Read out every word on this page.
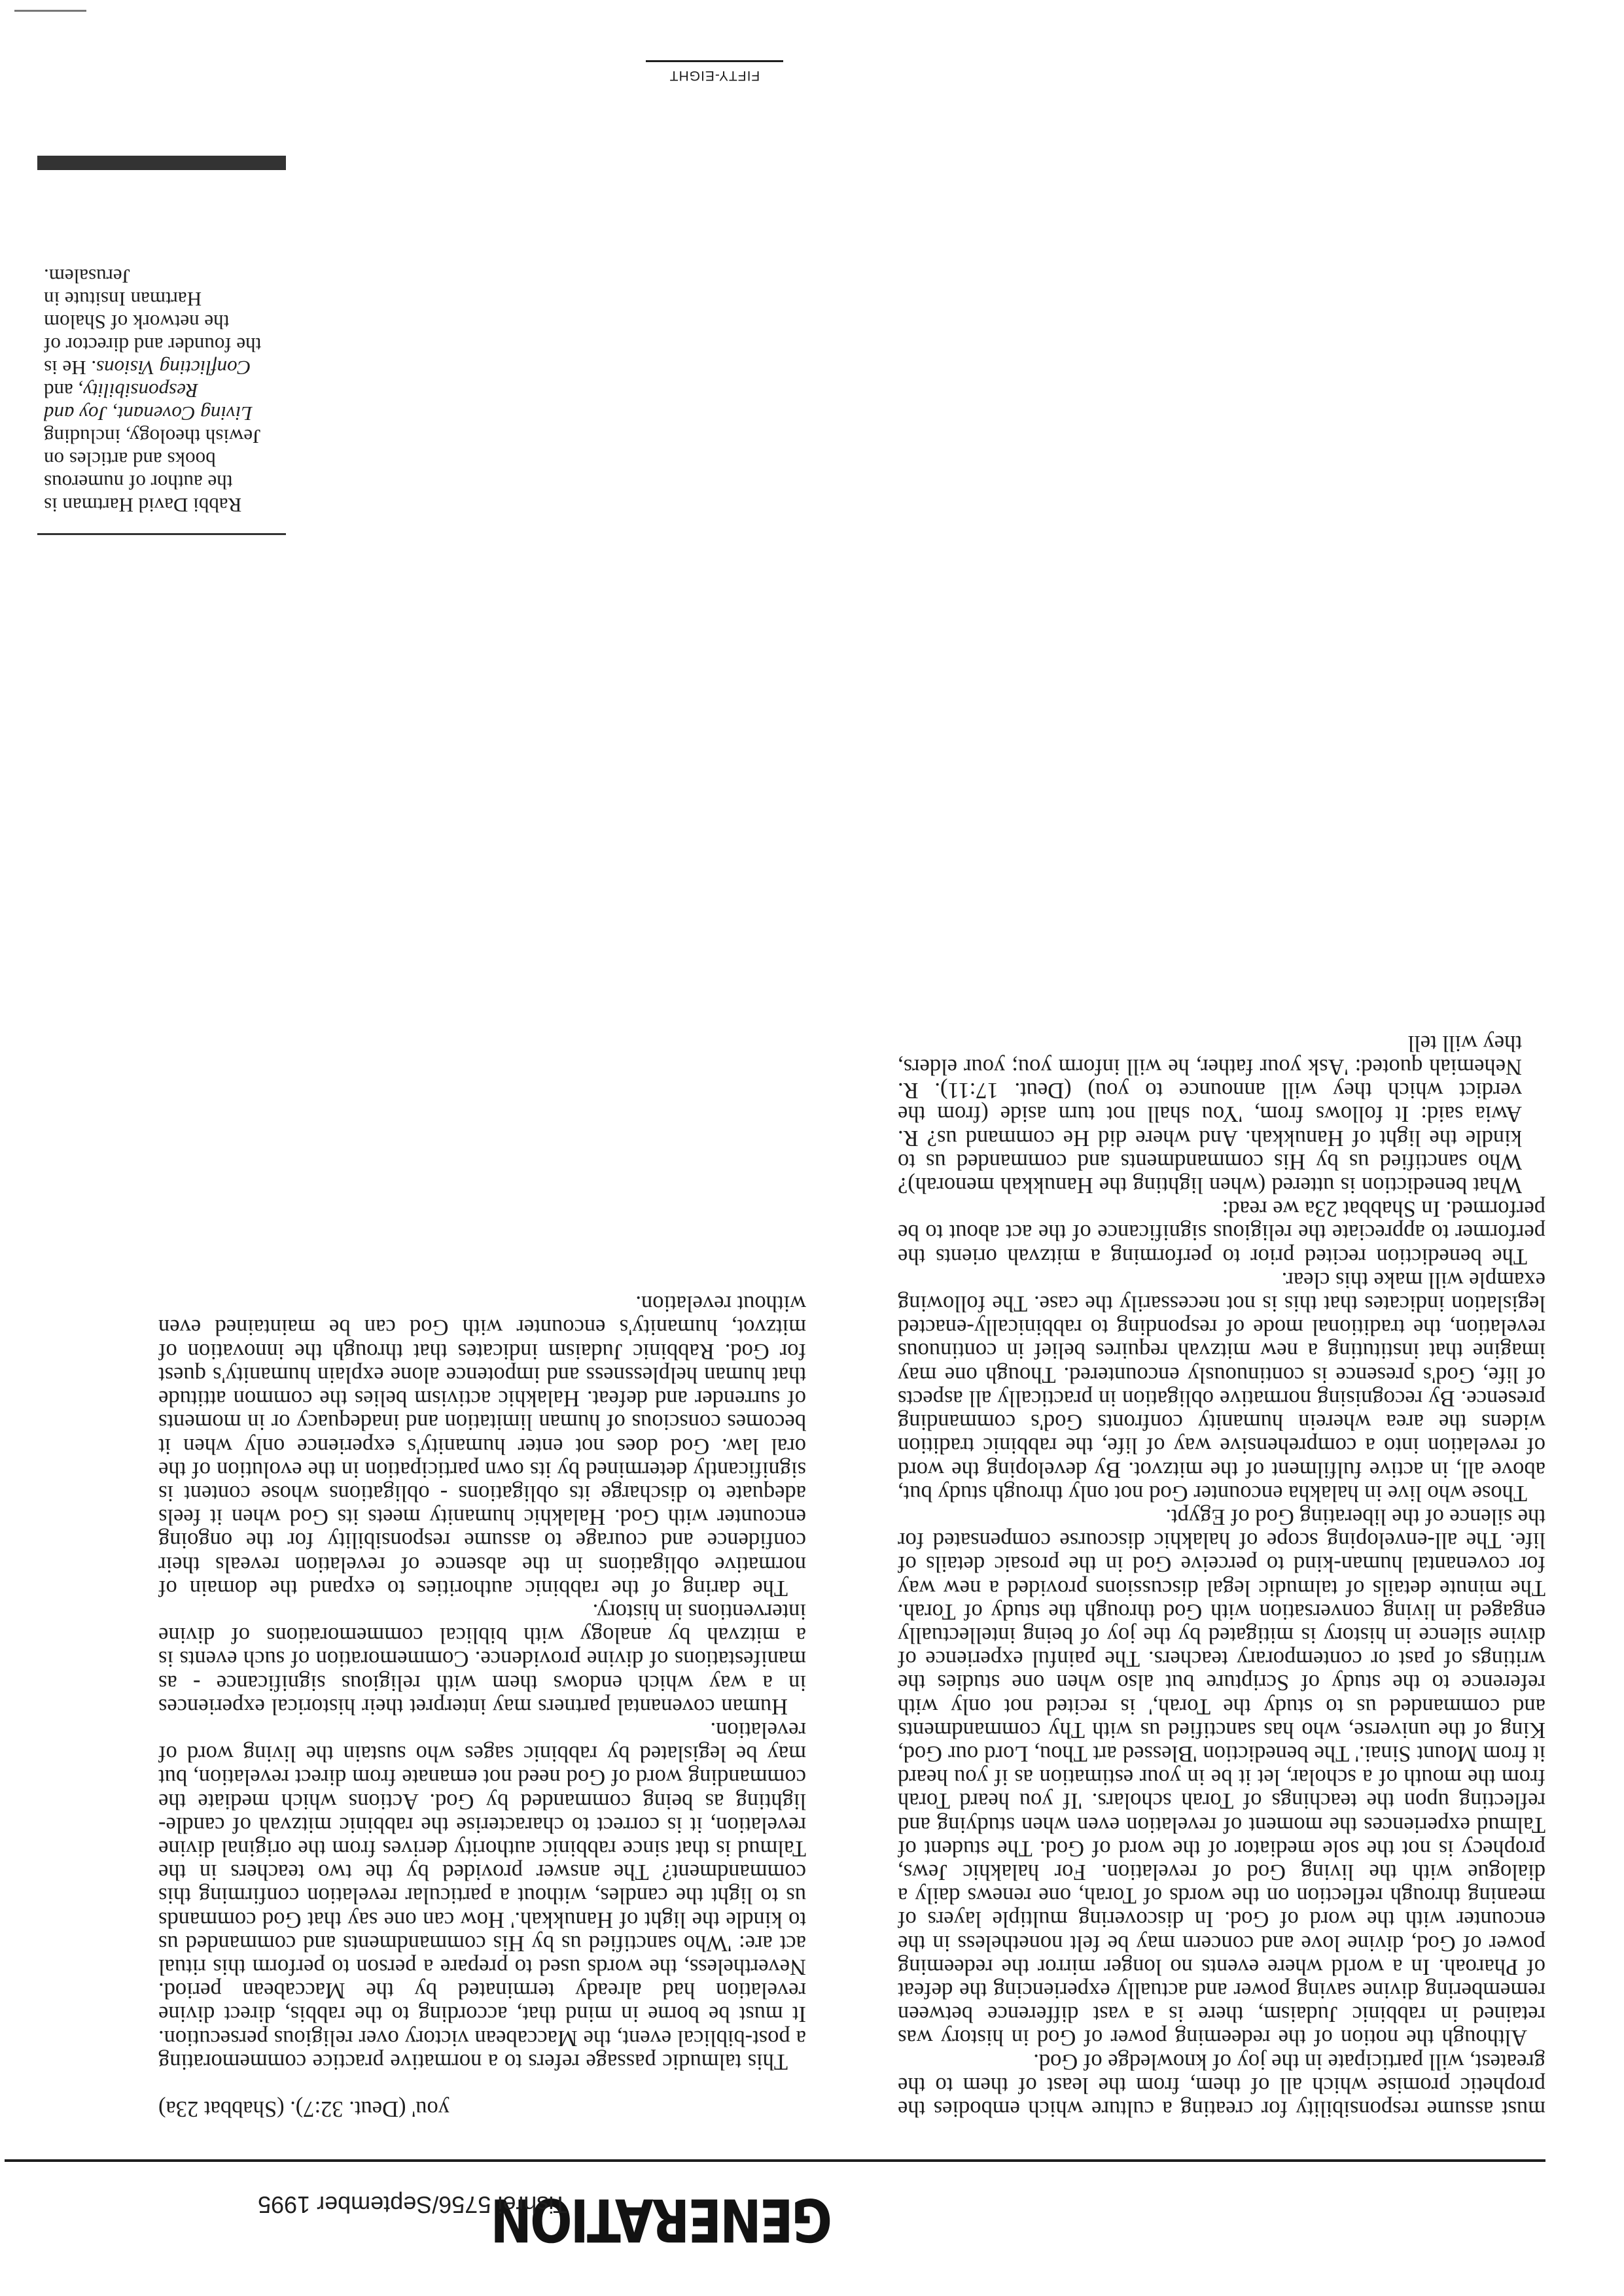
GENERATION
Tishrei 5756/September 1995

must assume responsibility for creating a culture which embodies the prophetic promise which all of them, from the least of them to the greatest, will participate in the joy of knowledge of God.

Although the notion of the redeeming power of God in history was retained in rabbinic Judaism, there is a vast difference between remembering divine saving power and actually experiencing the defeat of Pharoah. In a world where events no longer mirror the redeeming power of God, divine love and concern may be felt nonetheless in the encounter with the word of God. In discovering multiple layers of meaning through reflection on the words of Torah, one renews daily a dialogue with the living God of revelation. For halakhic Jews, prophecy is not the sole mediator of the word of God. The student of Talmud experiences the moment of revelation even when studying and reflecting upon the teachings of Torah scholars. 'If you heard Torah from the mouth of a scholar, let it be in your estimation as if you heard it from Mount Sinai.' The benediction 'Blessed art Thou, Lord our God, King of the universe, who has sanctified us with Thy commandments and commanded us to study the Torah,' is recited not only with reference to the study of Scripture but also when one studies the writings of past or contemporary teachers. The painful experience of divine silence in history is mitigated by the joy of being intellectually engaged in living conversation with God through the study of Torah. The minute details of talmudic legal discussions provided a new way for covenantal human-kind to perceive God in the prosaic details of life. The all-enveloping scope of halakhic discourse compensated for the silence of the liberating God of Egypt.

Those who live in halakha encounter God not only through study but, above all, in active fulfilment of the mitzvot. By developing the word of revelation into a comprehensive way of life, the rabbinic tradition widens the area wherein humanity confronts God's commanding presence. By recognising normative obligation in practically all aspects of life, God's presence is continuously encountered. Though one may imagine that instituting a new mitzvah requires belief in continuous revelation, the traditional mode of responding to rabbinically-enacted legislation indicates that this is not necessarily the case. The following example will make this clear.

The benediction recited prior to performing a mitzvah orients the performer to appreciate the religious significance of the act about to be performed. In Shabbat 23a we read:

What benediction is uttered (when lighting the Hanukkah menorah)? Who sanctified us by His commandments and commanded us to kindle the light of Hanukkah. And where did He command us? R. Awia said: It follows from, 'You shall not turn aside (from the verdict which they will announce to you) (Deut. 17:11). R. Nehemiah quoted: 'Ask your father, he will inform you; your elders, they will tell

you' (Deut. 32:7). (Shabbat 23a)

This talmudic passage refers to a normative practice commemorating a post-biblical event, the Maccabean victory over religious persecution. It must be borne in mind that, according to the rabbis, direct divine revelation had already terminated by the Maccabean period. Nevertheless, the words used to prepare a person to perform this ritual act are: 'Who sanctified us by His commandments and commanded us to kindle the light of Hanukkah.' How can one say that God commands us to light the candles, without a particular revelation confirming this commandment? The answer provided by the two teachers in the Talmud is that since rabbinic authority derives from the original divine revelation, it is correct to characterise the rabbinic mitzvah of candle-lighting as being commanded by God. Actions which mediate the commanding word of God need not emanate from direct revelation, but may be legislated by rabbinic sages who sustain the living word of revelation.

Human covenantal partners may interpret their historical experiences in a way which endows them with religious significance - as manifestations of divine providence. Commemoration of such events is a mitzvah by analogy with biblical commemorations of divine interventions in history.

The daring of the rabbinic authorities to expand the domain of normative obligations in the absence of revelation reveals their confidence and courage to assume responsibility for the ongoing encounter with God. Halakhic humanity meets its God when it feels adequate to discharge its obligations - obligations whose content is significantly determined by its own participation in the evolution of the oral law. God does not enter humanity's experience only when it becomes conscious of human limitation and inadequacy or in moments of surrender and defeat. Halakhic activism belies the common attitude that human helplessness and impotence alone explain humanity's quest for God. Rabbinic Judaism indicates that through the innovation of mitzvot, humanity's encounter with God can be maintained even without revelation.

Rabbi David Hartman is the author of numerous books and articles on Jewish theology, including Living Covenant, Joy and Responsibility, and Conflicting Visions. He is the founder and director of the network of Shalom Hartman Insitute in Jerusalem.

FIFTY-EIGHT
